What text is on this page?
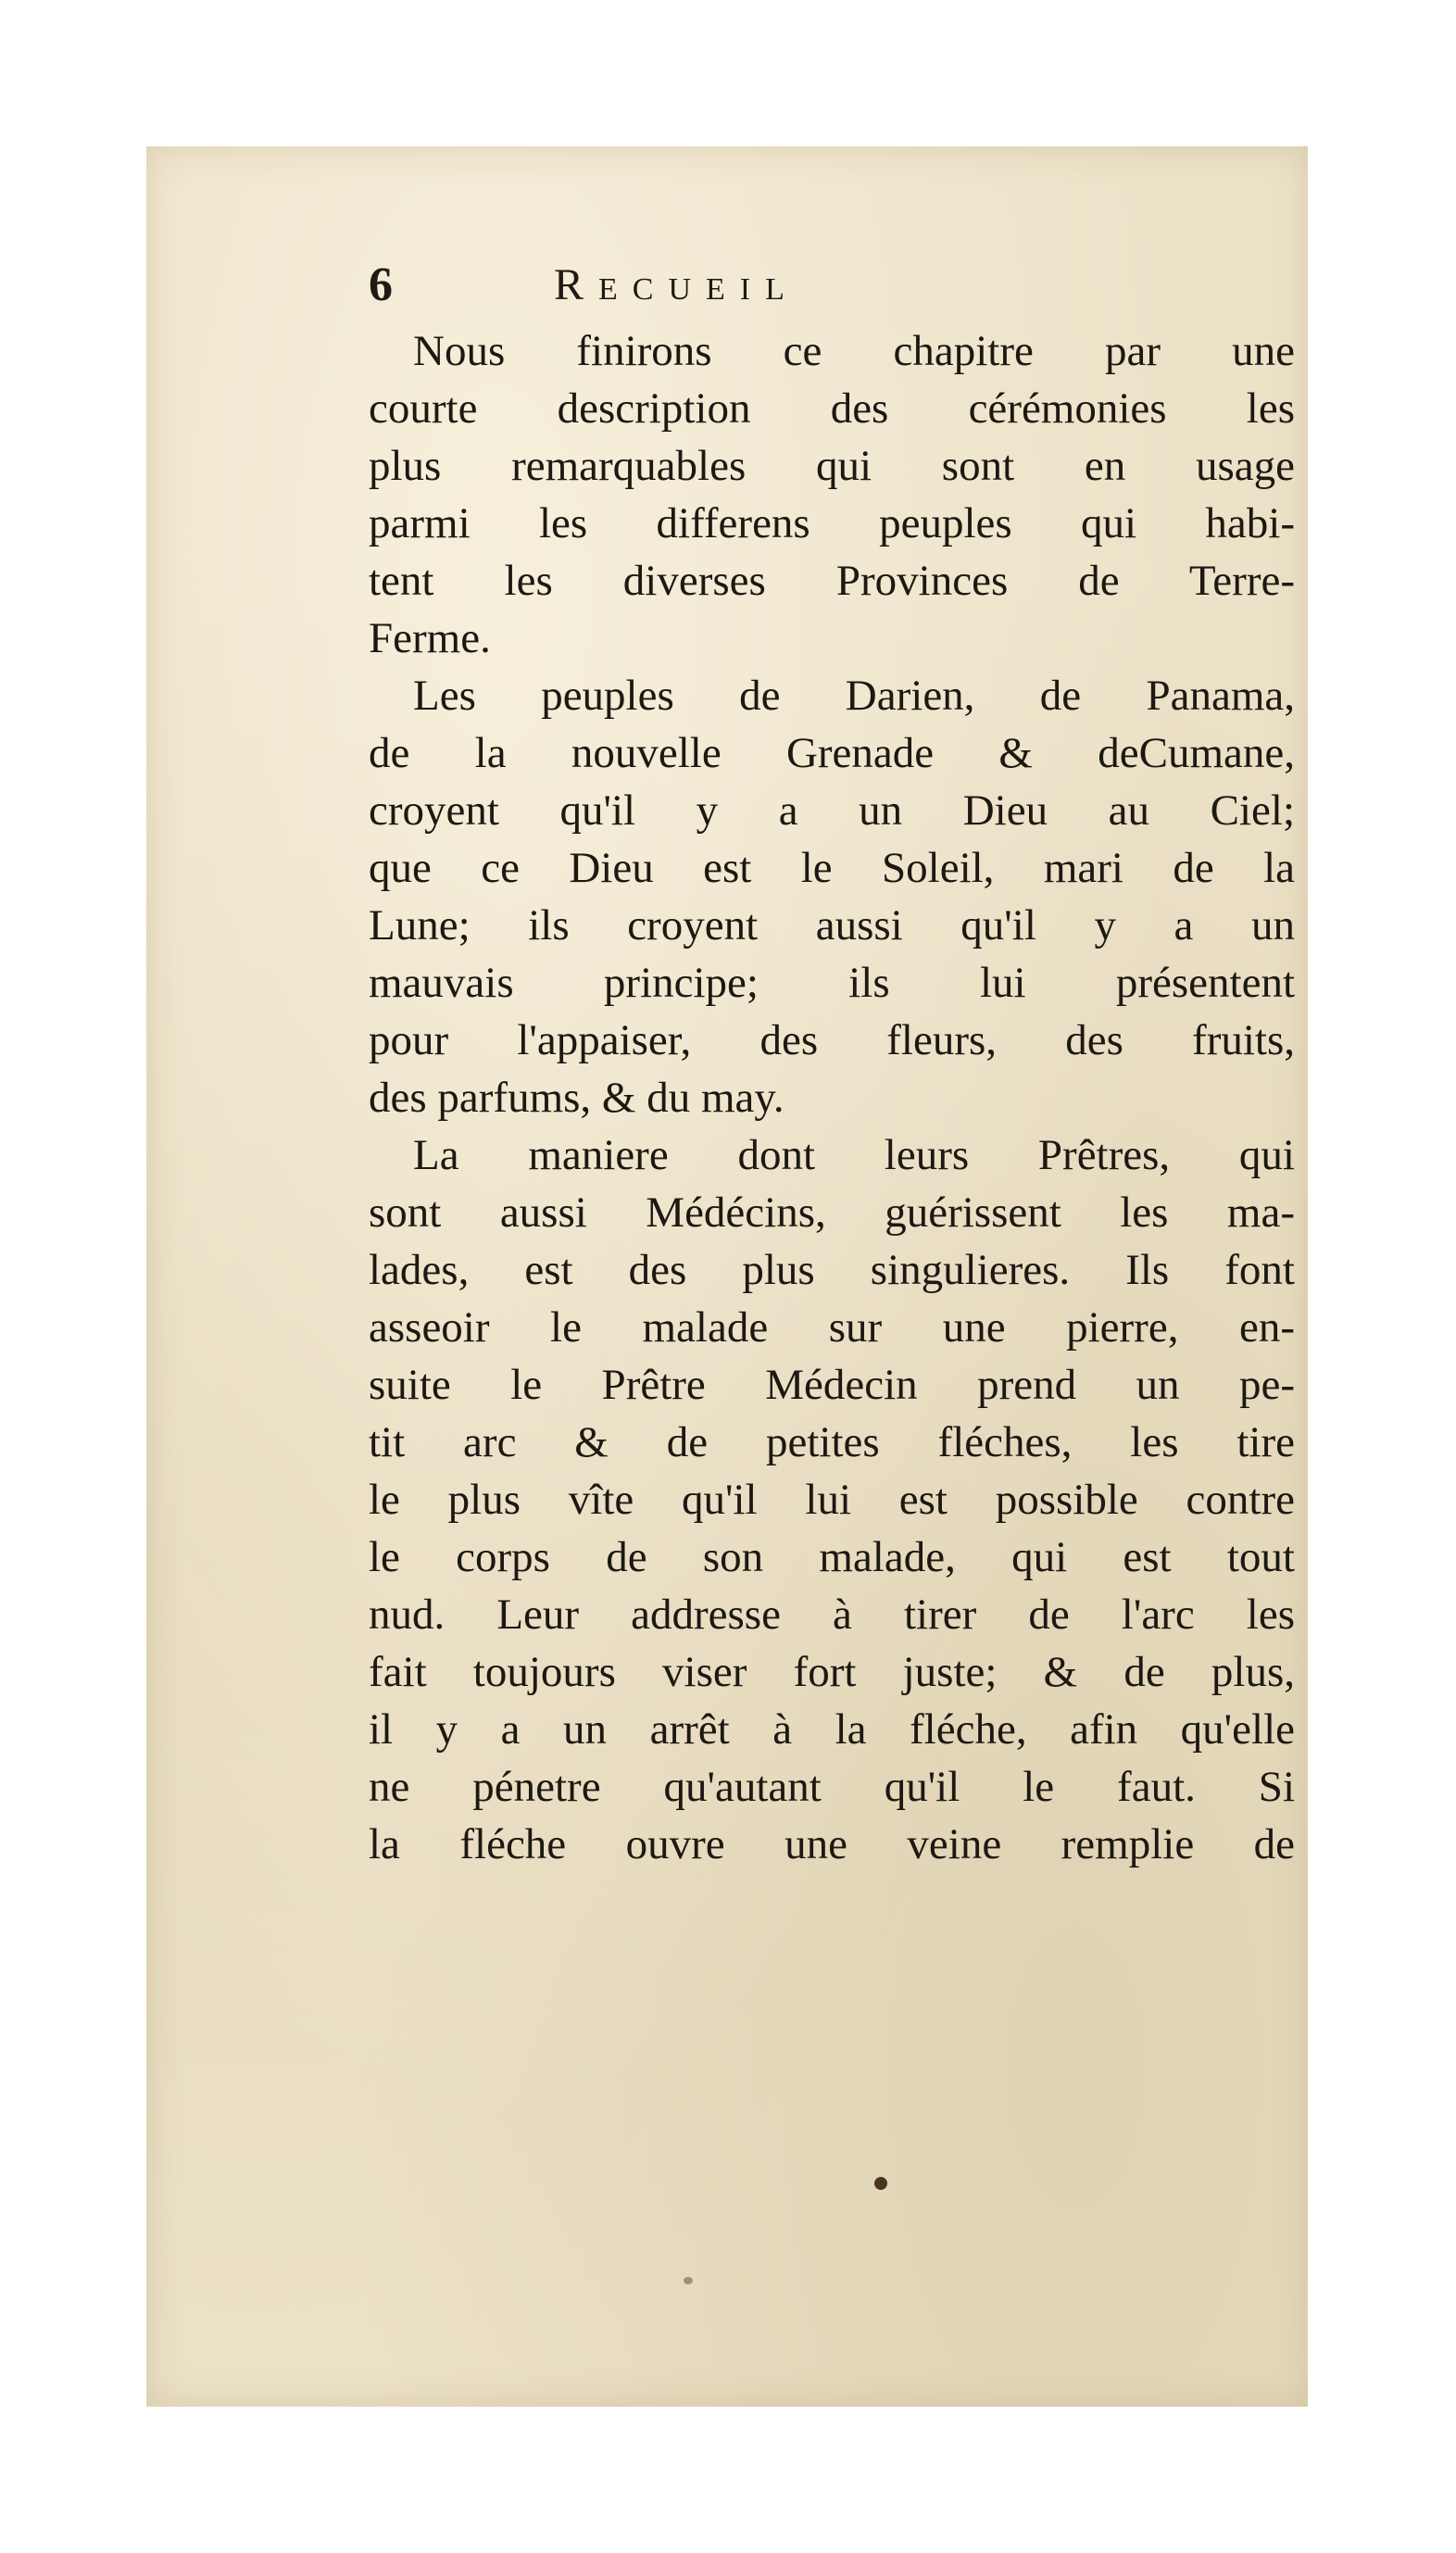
6	Recueil
Nous finirons ce chapitre par une
courte description des cérémonies les
plus remarquables qui sont en usage
parmi les differens peuples qui habi-
tent les diverses Provinces de Terre-
Ferme.
Les peuples de Darien, de Panama,
de la nouvelle Grenade & deCumane,
croyent qu'il y a un Dieu au Ciel;
que ce Dieu est le Soleil, mari de la
Lune; ils croyent aussi qu'il y a un
mauvais principe; ils lui présentent
pour l'appaiser, des fleurs, des fruits,
des parfums, & du may.
La maniere dont leurs Prêtres, qui
sont aussi Médécins, guérissent les ma-
lades, est des plus singulieres. Ils font
asseoir le malade sur une pierre, en-
suite le Prêtre Médecin prend un pe-
tit arc & de petites fléches, les tire
le plus vîte qu'il lui est possible contre
le corps de son malade, qui est tout
nud. Leur addresse à tirer de l'arc les
fait toujours viser fort juste; & de plus,
il y a un arrêt à la fléche, afin qu'elle
ne pénetre qu'autant qu'il le faut. Si
la fléche ouvre une veine remplie de
